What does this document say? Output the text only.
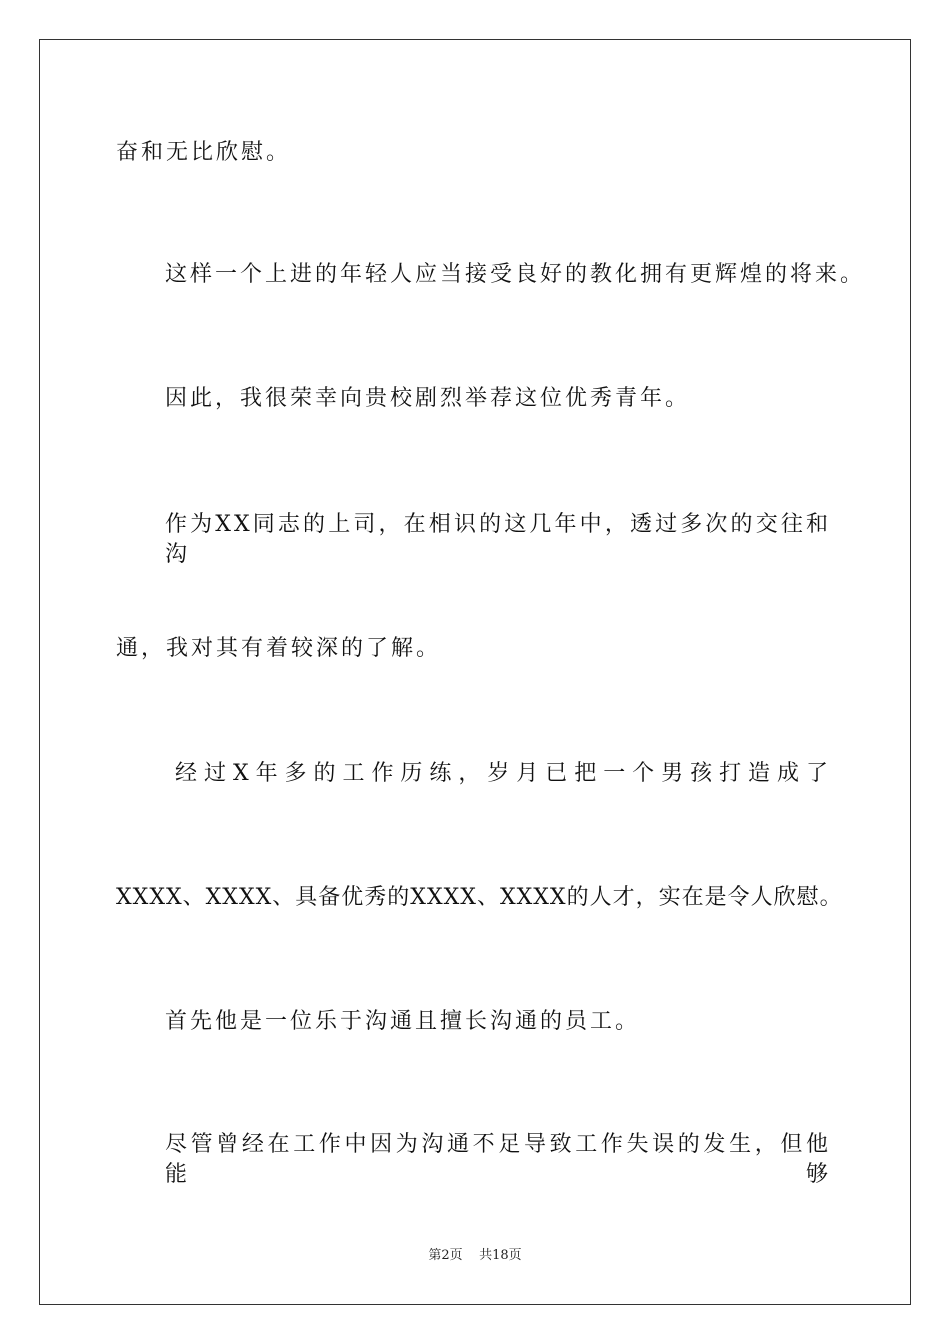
奋和无比欣慰。
这样一个上进的年轻人应当接受良好的教化拥有更辉煌的将来。
因此，我很荣幸向贵校剧烈举荐这位优秀青年。
作为XX同志的上司，在相识的这几年中，透过多次的交往和沟
通，我对其有着较深的了解。
经过X年多的工作历练，岁月已把一个男孩打造成了
XXXX、XXXX、具备优秀的XXXX、XXXX的人才，实在是令人欣慰。
首先他是一位乐于沟通且擅长沟通的员工。
尽管曾经在工作中因为沟通不足导致工作失误的发生，但他能够
第2页 共18页
